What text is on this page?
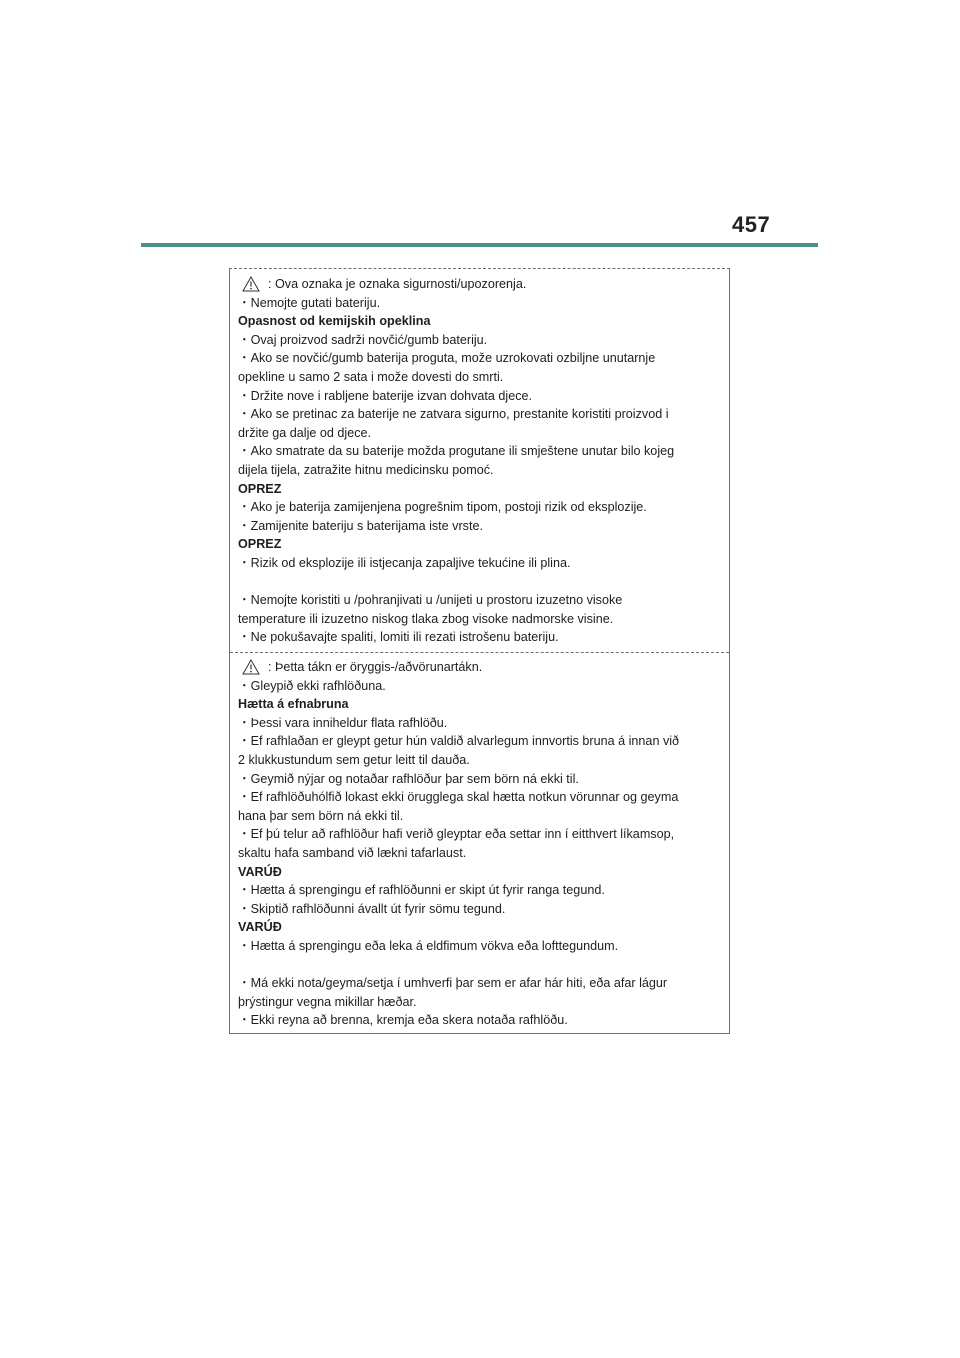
457
: Ova oznaka je oznaka sigurnosti/upozorenja.
・Nemojte gutati bateriju.
Opasnost od kemijskih opeklina
・Ovaj proizvod sadrži novčić/gumb bateriju.
・Ako se novčić/gumb baterija proguta, može uzrokovati ozbiljne unutarnje
opekline u samo 2 sata i može dovesti do smrti.
・Držite nove i rabljene baterije izvan dohvata djece.
・Ako se pretinac za baterije ne zatvara sigurno, prestanite koristiti proizvod i
držite ga dalje od djece.
・Ako smatrate da su baterije možda progutane ili smještene unutar bilo kojeg
dijela tijela, zatražite hitnu medicinsku pomoć.
OPREZ
・Ako je baterija zamijenjena pogrešnim tipom, postoji rizik od eksplozije.
・Zamijenite bateriju s baterijama iste vrste.
OPREZ
・Rizik od eksplozije ili istjecanja zapaljive tekućine ili plina.
・Nemojte koristiti u /pohranjivati u /unijeti u prostoru izuzetno visoke
temperature ili izuzetno niskog tlaka zbog visoke nadmorske visine.
・Ne pokušavajte spaliti, lomiti ili rezati istrošenu bateriju.
: Þetta tákn er öryggis-/aðvörunartákn.
・Gleypið ekki rafhlöðuna.
Hætta á efnabruna
・Þessi vara inniheldur flata rafhlöðu.
・Ef rafhlaðan er gleypt getur hún valdið alvarlegum innvortis bruna á innan við
2 klukkustundum sem getur leitt til dauða.
・Geymið nýjar og notaðar rafhlöður þar sem börn ná ekki til.
・Ef rafhlöðuhólfið lokast ekki örugglega skal hætta notkun vörunnar og geyma
hana þar sem börn ná ekki til.
・Ef þú telur að rafhlöður hafi verið gleyptar eða settar inn í eitthvert líkamsop,
skaltu hafa samband við lækni tafarlaust.
VARÚÐ
・Hætta á sprengingu ef rafhlöðunni er skipt út fyrir ranga tegund.
・Skiptið rafhlöðunni ávallt út fyrir sömu tegund.
VARÚÐ
・Hætta á sprengingu eða leka á eldfimum vökva eða lofttegundum.
・Má ekki nota/geyma/setja í umhverfi þar sem er afar hár hiti, eða afar lágur
þrýstingur vegna mikillar hæðar.
・Ekki reyna að brenna, kremja eða skera notaða rafhlöðu.
